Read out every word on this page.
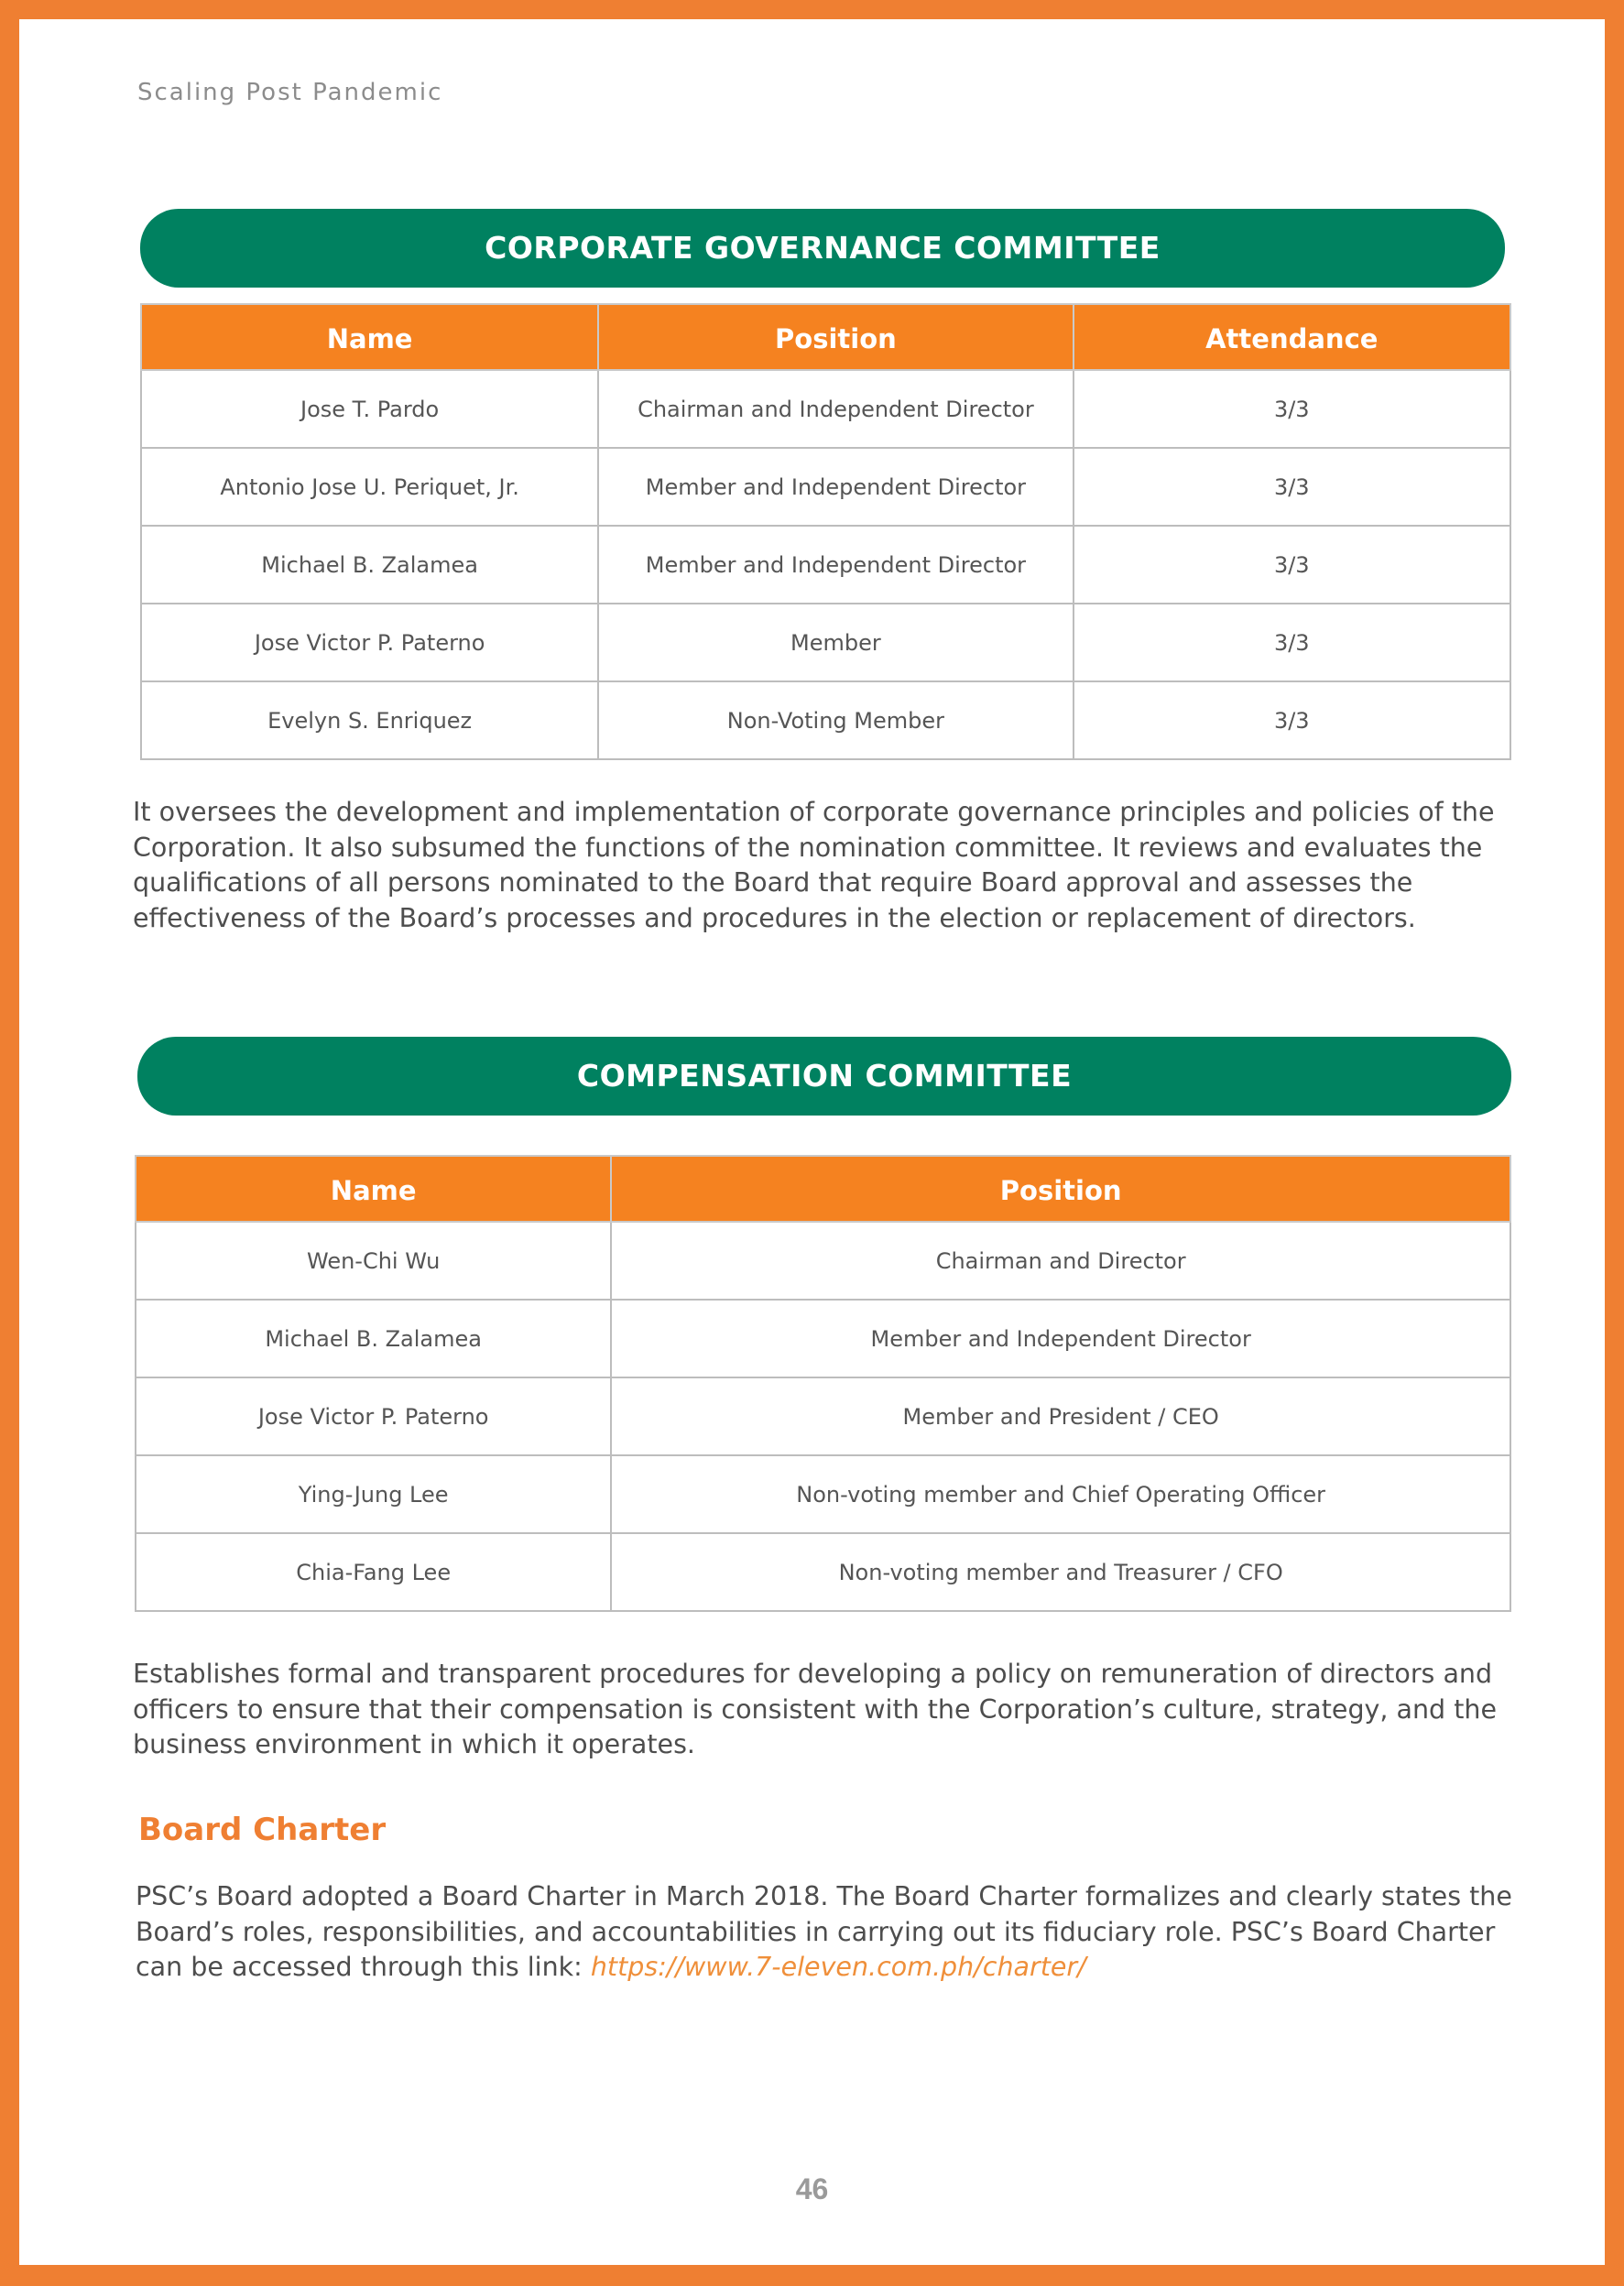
Scaling Post Pandemic
CORPORATE GOVERNANCE COMMITTEE
Name	Position	Attendance
Jose T. Pardo	Chairman and Independent Director	3/3
Antonio Jose U. Periquet, Jr.	Member and Independent Director	3/3
Michael B. Zalamea	Member and Independent Director	3/3
Jose Victor P. Paterno	Member	3/3
Evelyn S. Enriquez	Non-Voting Member	3/3
It oversees the development and implementation of corporate governance principles and policies of the Corporation. It also subsumed the functions of the nomination committee. It reviews and evaluates the qualifications of all persons nominated to the Board that require Board approval and assesses the effectiveness of the Board’s processes and procedures in the election or replacement of directors.
COMPENSATION COMMITTEE
Name	Position
Wen-Chi Wu	Chairman and Director
Michael B. Zalamea	Member and Independent Director
Jose Victor P. Paterno	Member and President / CEO
Ying-Jung Lee	Non-voting member and Chief Operating Officer
Chia-Fang Lee	Non-voting member and Treasurer / CFO
Establishes formal and transparent procedures for developing a policy on remuneration of directors and officers to ensure that their compensation is consistent with the Corporation’s culture, strategy, and the business environment in which it operates.
Board Charter
PSC’s Board adopted a Board Charter in March 2018. The Board Charter formalizes and clearly states the Board’s roles, responsibilities, and accountabilities in carrying out its fiduciary role. PSC’s Board Charter can be accessed through this link: https://www.7-eleven.com.ph/charter/
46
